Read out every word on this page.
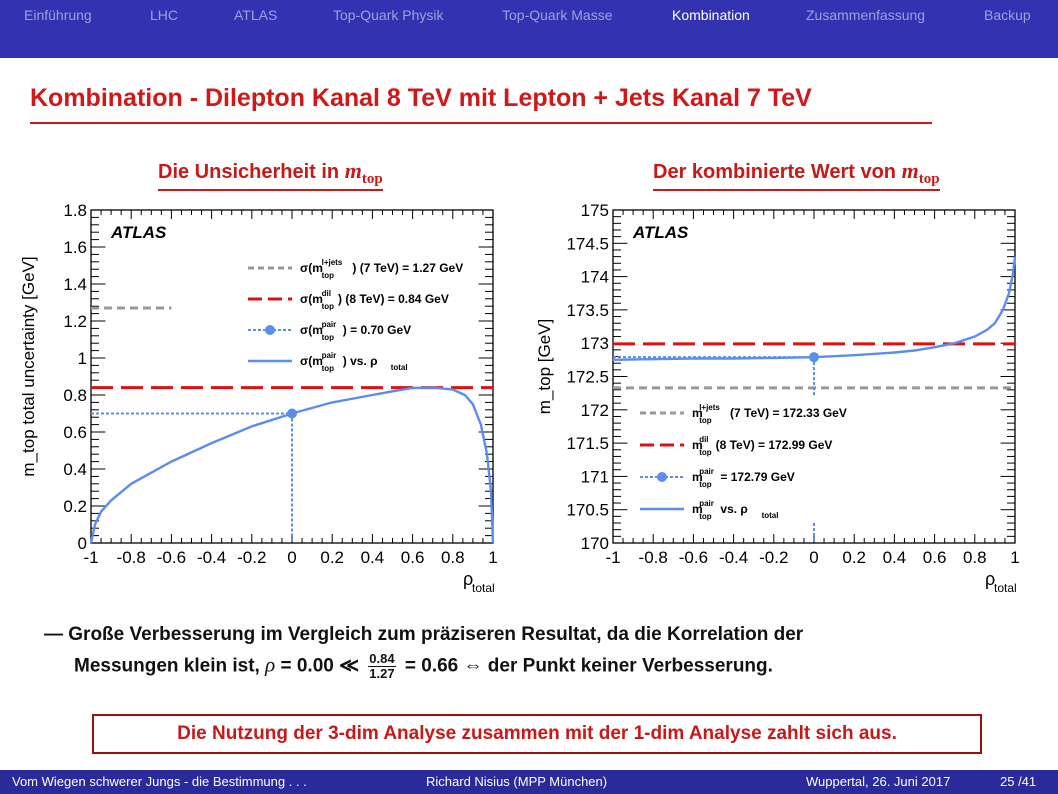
Einführung	LHC	ATLAS	Top-Quark Physik	Top-Quark Masse	Kombination	Zusammenfassung	Backup
Kombination - Dilepton Kanal 8 TeV mit Lepton + Jets Kanal 7 TeV
Die Unsicherheit in $m_{top}$	Der kombinierte Wert von $m_{top}$
-1 -0.8 -0.6 -0.4 -0.2 0 0.2 0.4 0.6 0.8 1
0
0.2
0.4
0.6
0.8
1
1.2
1.4
1.6
1.8
m_top total uncertainty [GeV]
ρ
total
ATLAS
σ(m
l+jets
top
) (7 TeV) = 1.27 GeV
σ(m
dil
top
) (8 TeV) = 0.84 GeV
σ(m
pair
top
) = 0.70 GeV
σ(m
pair
top
) vs. ρ total
-1 -0.8 -0.6 -0.4 -0.2 0 0.2 0.4 0.6 0.8 1
170
170.5
171
171.5
172
172.5
173
173.5
174
174.5
175
m_top [GeV]
ρ
total
ATLAS
m
l+jets
top
(7 TeV) = 172.33 GeV
m
dil
top
(8 TeV) = 172.99 GeV
m
pair
top
= 172.79 GeV
m
pair
top
vs. ρ total
— Große Verbesserung im Vergleich zum präziseren Resultat, da die Korrelation der
Messungen klein ist, ρ = 0.00 ≪ $\frac{0.84}{1.27} = 0.66$ ⇔ der Punkt keiner Verbesserung.
Die Nutzung der 3-dim Analyse zusammen mit der 1-dim Analyse zahlt sich aus.
Vom Wiegen schwerer Jungs - die Bestimmung . . .	Richard Nisius (MPP München)	Wuppertal, 26. Juni 2017	25 /41
